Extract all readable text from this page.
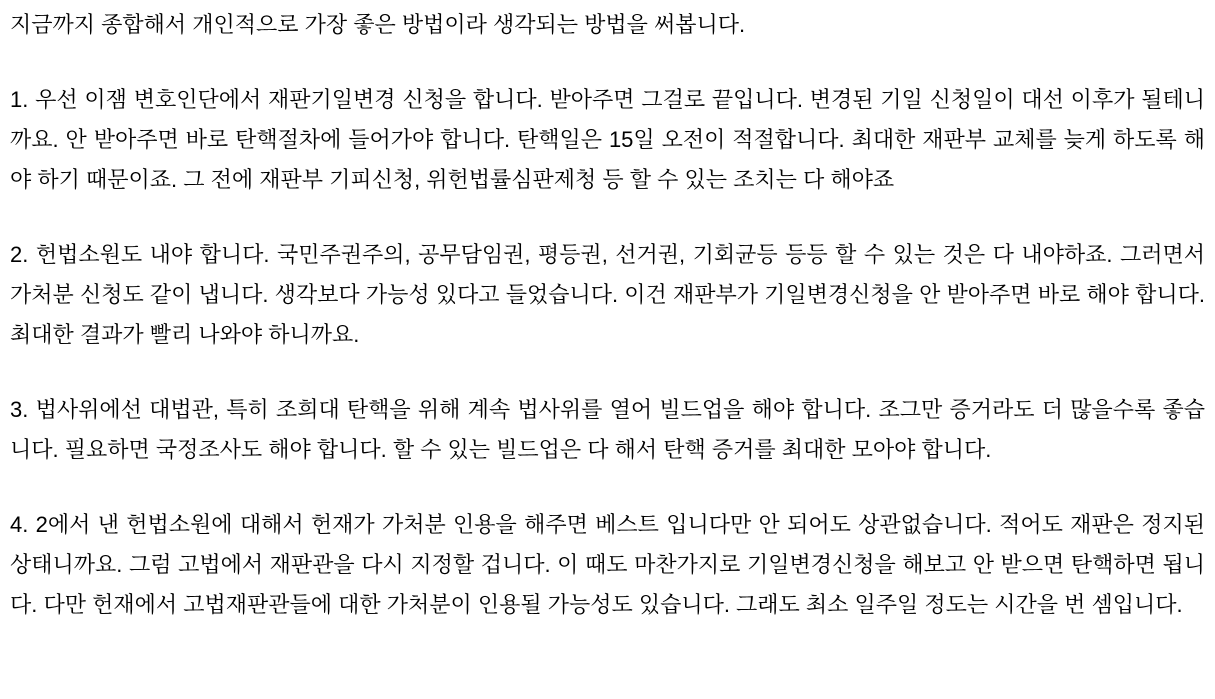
지금까지 종합해서 개인적으로 가장 좋은 방법이라 생각되는 방법을 써봅니다.

1. 우선 이잼 변호인단에서 재판기일변경 신청을 합니다. 받아주면 그걸로 끝입니다. 변경된 기일 신청일이 대선 이후가 될테니까요. 안 받아주면 바로 탄핵절차에 들어가야 합니다. 탄핵일은 15일 오전이 적절합니다. 최대한 재판부 교체를 늦게 하도록 해야 하기 때문이죠. 그 전에 재판부 기피신청, 위헌법률심판제청 등 할 수 있는 조치는 다 해야죠

2. 헌법소원도 내야 합니다. 국민주권주의, 공무담임권, 평등권, 선거권, 기회균등 등등 할 수 있는 것은 다 내야하죠. 그러면서 가처분 신청도 같이 냅니다. 생각보다 가능성 있다고 들었습니다. 이건 재판부가 기일변경신청을 안 받아주면 바로 해야 합니다. 최대한 결과가 빨리 나와야 하니까요.

3. 법사위에선 대법관, 특히 조희대 탄핵을 위해 계속 법사위를 열어 빌드업을 해야 합니다. 조그만 증거라도 더 많을수록 좋습니다. 필요하면 국정조사도 해야 합니다. 할 수 있는 빌드업은 다 해서 탄핵 증거를 최대한 모아야 합니다.

4. 2에서 낸 헌법소원에 대해서 헌재가 가처분 인용을 해주면 베스트 입니다만 안 되어도 상관없습니다. 적어도 재판은 정지된 상태니까요. 그럼 고법에서 재판관을 다시 지정할 겁니다. 이 때도 마찬가지로 기일변경신청을 해보고 안 받으면 탄핵하면 됩니다. 다만 헌재에서 고법재판관들에 대한 가처분이 인용될 가능성도 있습니다. 그래도 최소 일주일 정도는 시간을 번 셈입니다.
